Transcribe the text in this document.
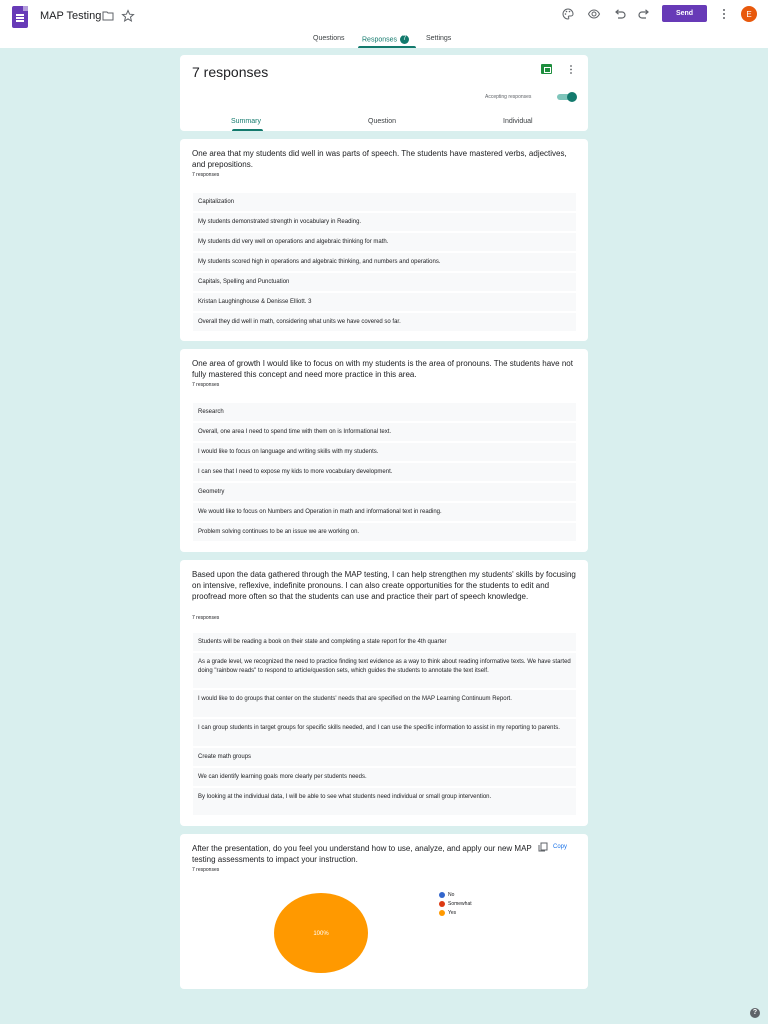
MAP Testing	Send	E
Questions Responses 7	Settings
7 responses
Accepting responses
Summary	Question	Individual
One area that my students did well in was parts of speech. The students have mastered verbs, adjectives, and prepositions.
7 responses
Capitalization
My students demonstrated strength in vocabulary in Reading.
My students did very well on operations and algebraic thinking for math.
My students scored high in operations and algebraic thinking, and numbers and operations.
Capitals, Spelling and Punctuation
Kristan Laughinghouse & Denisse Elliott. 3
Overall they did well in math, considering what units we have covered so far.
One area of growth I would like to focus on with my students is the area of pronouns. The students have not fully mastered this concept and need more practice in this area.
7 responses
Research
Overall, one area I need to spend time with them on is Informational text.
I would like to focus on language and writing skills with my students.
I can see that I need to expose my kids to more vocabulary development.
Geometry
We would like to focus on Numbers and Operation in math and informational text in reading.
Problem solving continues to be an issue we are working on.
Based upon the data gathered through the MAP testing, I can help strengthen my students' skills by focusing on intensive, reflexive, indefinite pronouns. I can also create opportunities for the students to edit and proofread more often so that the students can use and practice their part of speech knowledge.
7 responses
Students will be reading a book on their state and completing a state report for the 4th quarter
As a grade level, we recognized the need to practice finding text evidence as a way to think about reading informative texts. We have started doing "rainbow reads" to respond to article/question sets, which guides the students to annotate the text itself.
I would like to do groups that center on the students' needs that are specified on the MAP Learning Continuum Report.
I can group students in target groups for specific skills needed, and I can use the specific information to assist in my reporting to parents.
Create math groups
We can identify learning goals more clearly per students needs.
By looking at the individual data, I will be able to see what students need individual or small group intervention.
After the presentation, do you feel you understand how to use, analyze, and apply our new MAP testing assessments to impact your instruction.
7 responses
Copy
100%
No
Somewhat
Yes
?
